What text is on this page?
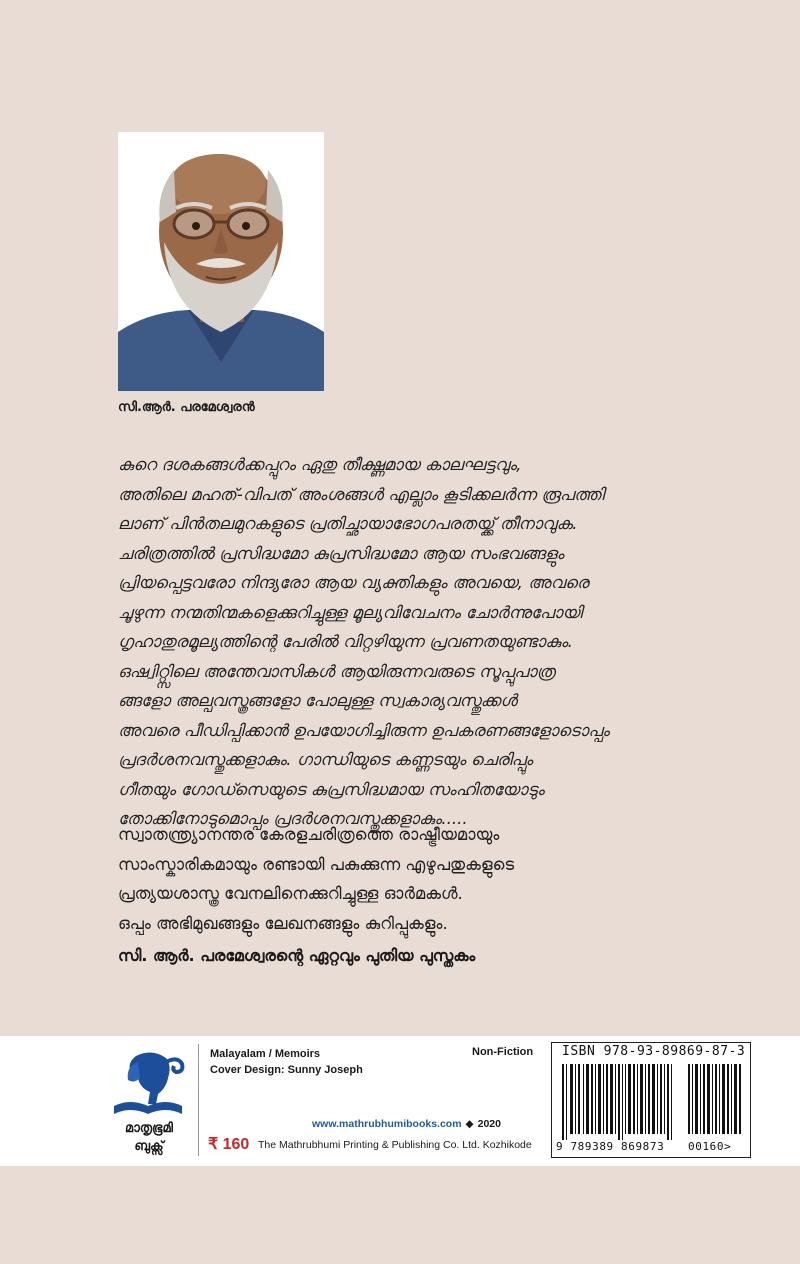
സി.ആർ. പരമേശ്വരൻ

കുറെ ദശകങ്ങൾക്കപ്പുറം ഏതു തീക്ഷ്ണമായ കാലഘട്ടവും,

അതിലെ മഹത്-വിപത് അംശങ്ങൾ എല്ലാം കൂടിക്കലർന്ന രൂപത്തി

ലാണ് പിൻതലമുറകളുടെ പ്രതിച്ഛായാഭോഗപരതയ്ക്ക് തീനാവുക.

ചരിത്രത്തിൽ പ്രസിദ്ധമോ കുപ്രസിദ്ധമോ ആയ സംഭവങ്ങളും

പ്രിയപ്പെട്ടവരോ നിന്ദ്യരോ ആയ വ്യക്തികളും അവയെ, അവരെ

ചൂഴുന്ന നന്മതിന്മകളെക്കുറിച്ചുള്ള മൂല്യവിവേചനം ചോർന്നുപോയി

ഗൃഹാതുരമൂല്യത്തിന്റെ പേരിൽ വിറ്റഴിയുന്ന പ്രവണതയുണ്ടാകും.

ഒഷ്വിറ്റ്സിലെ അന്തേവാസികൾ ആയിരുന്നവരുടെ സൂപ്പുപാത്ര

ങ്ങളോ അല്പവസ്ത്രങ്ങളോ പോലുള്ള സ്വകാര്യവസ്തുക്കൾ

അവരെ പീഡിപ്പിക്കാൻ ഉപയോഗിച്ചിരുന്ന ഉപകരണങ്ങളോടൊപ്പം

പ്രദർശനവസ്തുക്കളാകും. ഗാന്ധിയുടെ കണ്ണടയും ചെരിപ്പും

ഗീതയും ഗോഡ്സെയുടെ കുപ്രസിദ്ധമായ സംഹിതയോടും

തോക്കിനോടുമൊപ്പം പ്രദർശനവസ്തുക്കളാകും.....

സ്വാതന്ത്ര്യാനന്തര കേരളചരിത്രത്തെ രാഷ്ട്രീയമായും

സാംസ്കാരികമായും രണ്ടായി പകുക്കുന്ന എഴുപതുകളുടെ

പ്രത്യയശാസ്ത്ര വേനലിനെക്കുറിച്ചുള്ള ഓർമകൾ.

ഒപ്പം അഭിമുഖങ്ങളും ലേഖനങ്ങളും കുറിപ്പുകളും.

സി. ആർ. പരമേശ്വരന്റെ ഏറ്റവും പുതിയ പുസ്തകം
മാതൃഭൂമി
ബുക്സ്
Malayalam / Memoirs
Cover Design: Sunny Joseph
Non-Fiction
₹ 160
www.mathrubhumibooks.com ◆ 2020
The Mathrubhumi Printing & Publishing Co. Ltd. Kozhikode
ISBN 978-93-89869-87-3
9 789389 869873 00160>
